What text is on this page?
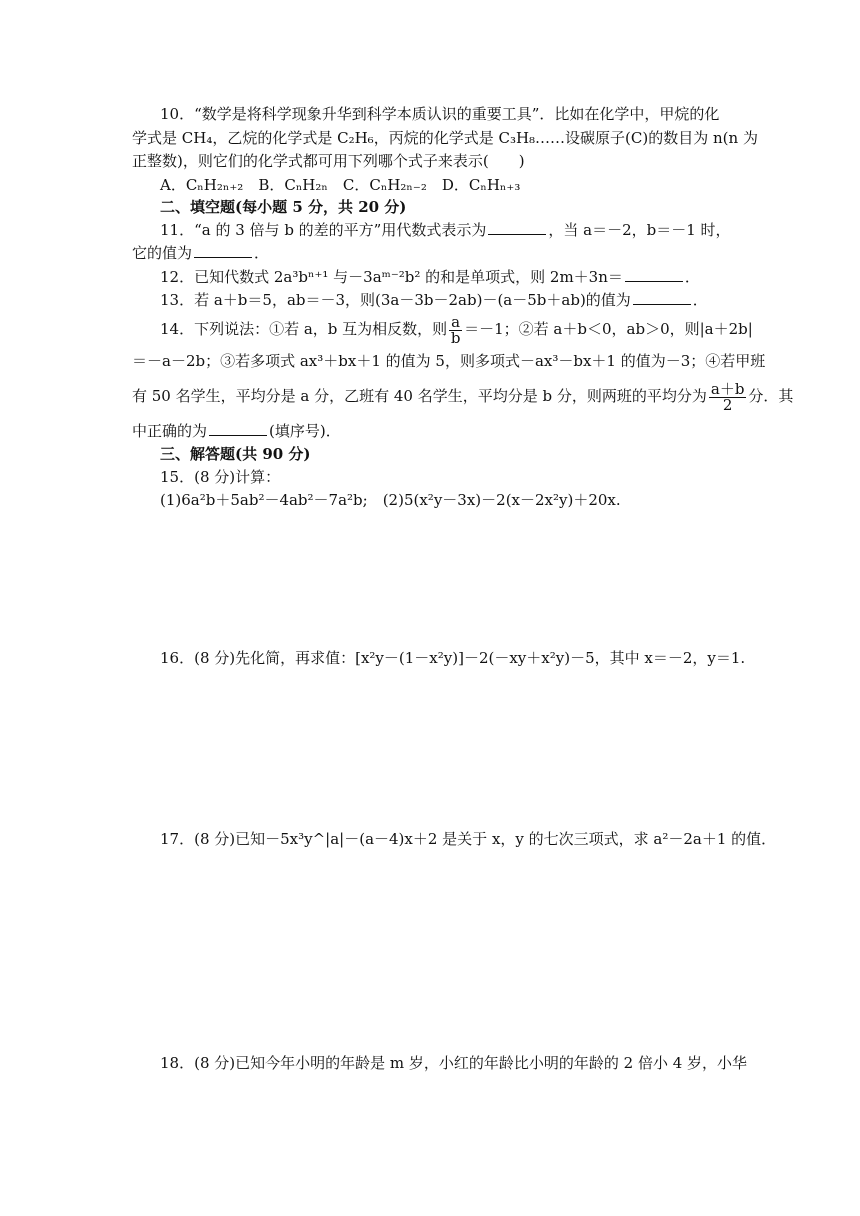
10．“数学是将科学现象升华到科学本质认识的重要工具”．比如在化学中，甲烷的化
学式是 CH₄，乙烷的化学式是 C₂H₆，丙烷的化学式是 C₃H₈……设碳原子(C)的数目为 n(n 为
正整数)，则它们的化学式都可用下列哪个式子来表示(　　)
A．CₙH₂ₙ₊₂　B．CₙH₂ₙ　C．CₙH₂ₙ₋₂　D．CₙHₙ₊₃
二、填空题(每小题 5 分，共 20 分)
11．“a 的 3 倍与 b 的差的平方”用代数式表示为	，当 a＝－2，b＝－1 时，
它的值为	．
12．已知代数式 2a³bⁿ⁺¹ 与－3aᵐ⁻²b² 的和是单项式，则 2m＋3n＝	．
13．若 a＋b＝5，ab＝－3，则(3a－3b－2ab)－(a－5b＋ab)的值为	．
14．下列说法：①若 a，b 互为相反数，则 $\frac{a}{b} =-1$；②若 a＋b＜0，ab＞0，则|a＋2b|
＝－a－2b；③若多项式 ax³＋bx＋1 的值为 5，则多项式－ax³－bx＋1 的值为－3；④若甲班
有 50 名学生，平均分是 a 分，乙班有 40 名学生，平均分是 b 分，则两班的平均分为 $\frac{a+b}{2}$ 分．其
中正确的为	(填序号)．
三、解答题(共 90 分)
15．(8 分)计算：
(1)6a²b＋5ab²－4ab²－7a²b;　(2)5(x²y－3x)－2(x－2x²y)＋20x.
16．(8 分)先化简，再求值：[x²y－(1－x²y)]－2(－xy＋x²y)－5，其中 x＝－2，y＝1.
17．(8 分)已知－5x³y^|a|－(a－4)x＋2 是关于 x，y 的七次三项式，求 a²－2a＋1 的值．
18．(8 分)已知今年小明的年龄是 m 岁，小红的年龄比小明的年龄的 2 倍小 4 岁，小华
